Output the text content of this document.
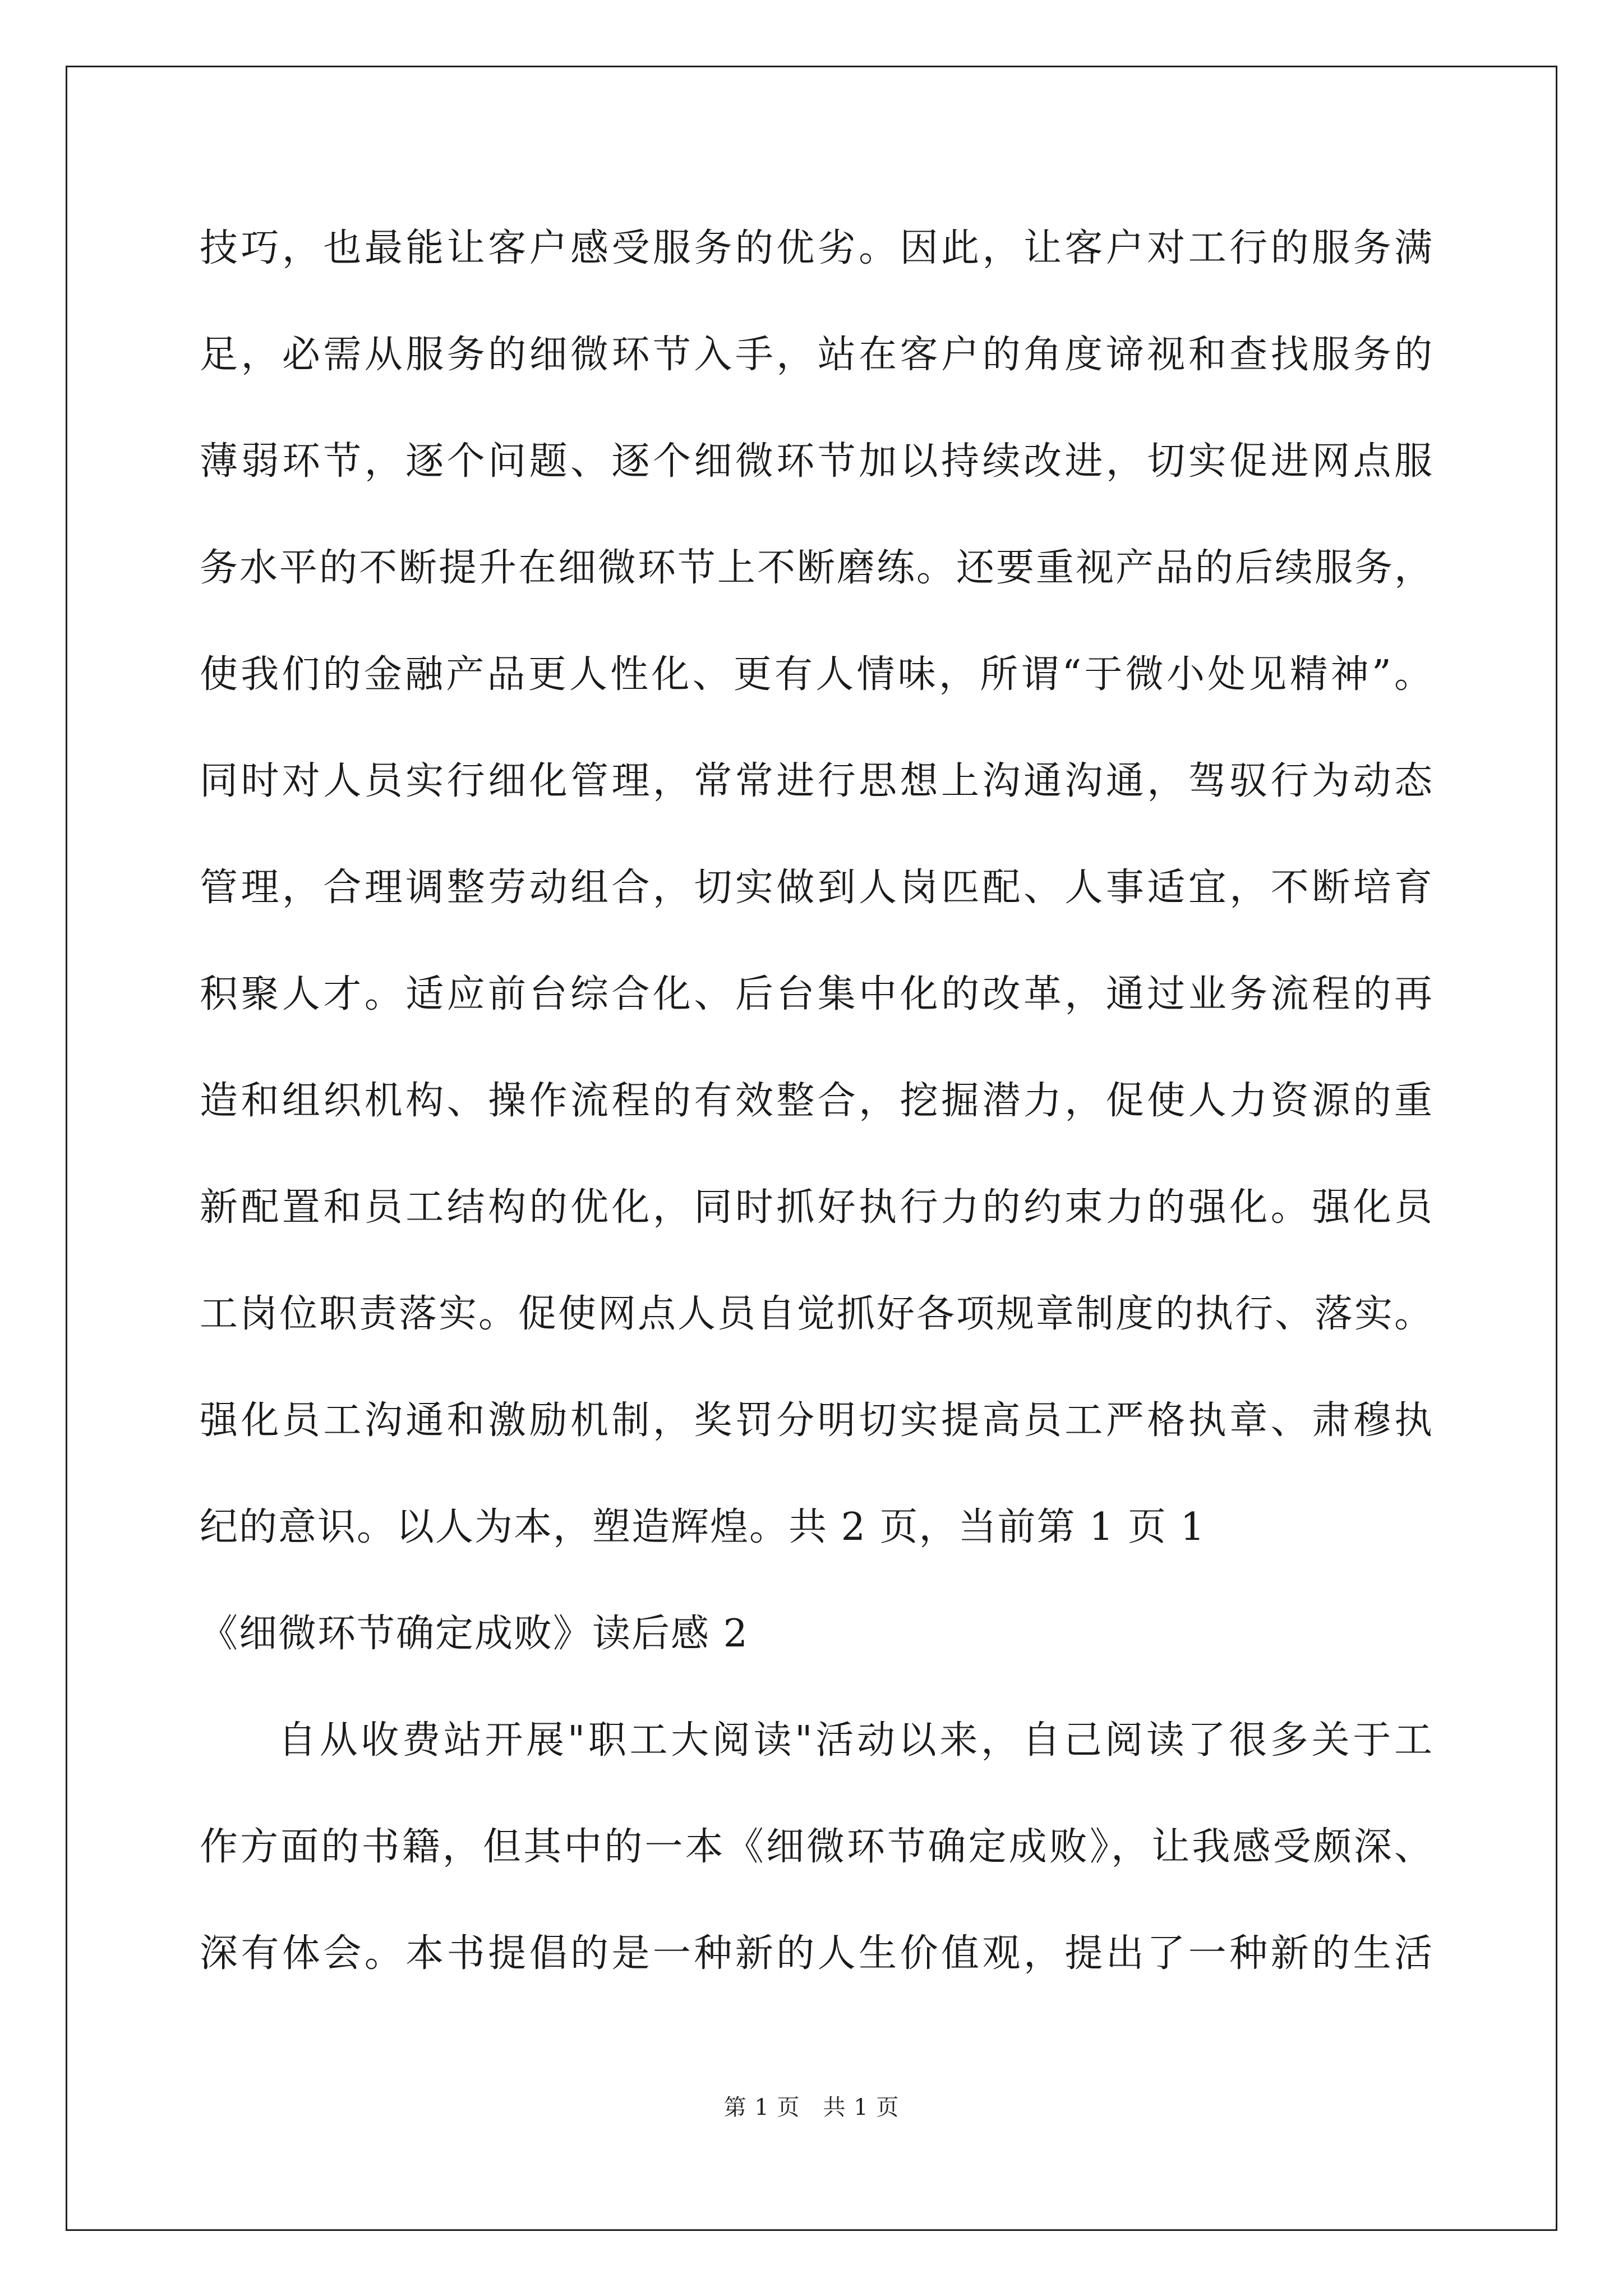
技巧，也最能让客户感受服务的优劣。因此，让客户对工行的服务满
足，必需从服务的细微环节入手，站在客户的角度谛视和查找服务的
薄弱环节，逐个问题、逐个细微环节加以持续改进，切实促进网点服
务水平的不断提升在细微环节上不断磨练。还要重视产品的后续服务，
使我们的金融产品更人性化、更有人情味，所谓“于微小处见精神”。
同时对人员实行细化管理，常常进行思想上沟通沟通，驾驭行为动态
管理，合理调整劳动组合，切实做到人岗匹配、人事适宜，不断培育
积聚人才。适应前台综合化、后台集中化的改革，通过业务流程的再
造和组织机构、操作流程的有效整合，挖掘潜力，促使人力资源的重
新配置和员工结构的优化，同时抓好执行力的约束力的强化。强化员
工岗位职责落实。促使网点人员自觉抓好各项规章制度的执行、落实。
强化员工沟通和激励机制，奖罚分明切实提高员工严格执章、肃穆执
纪的意识。以人为本，塑造辉煌。共 2 页，当前第 1 页 1
《细微环节确定成败》读后感 2
自从收费站开展"职工大阅读"活动以来，自己阅读了很多关于工
作方面的书籍，但其中的一本《细微环节确定成败》，让我感受颇深、
深有体会。本书提倡的是一种新的人生价值观，提出了一种新的生活
第 1 页　共 1 页
